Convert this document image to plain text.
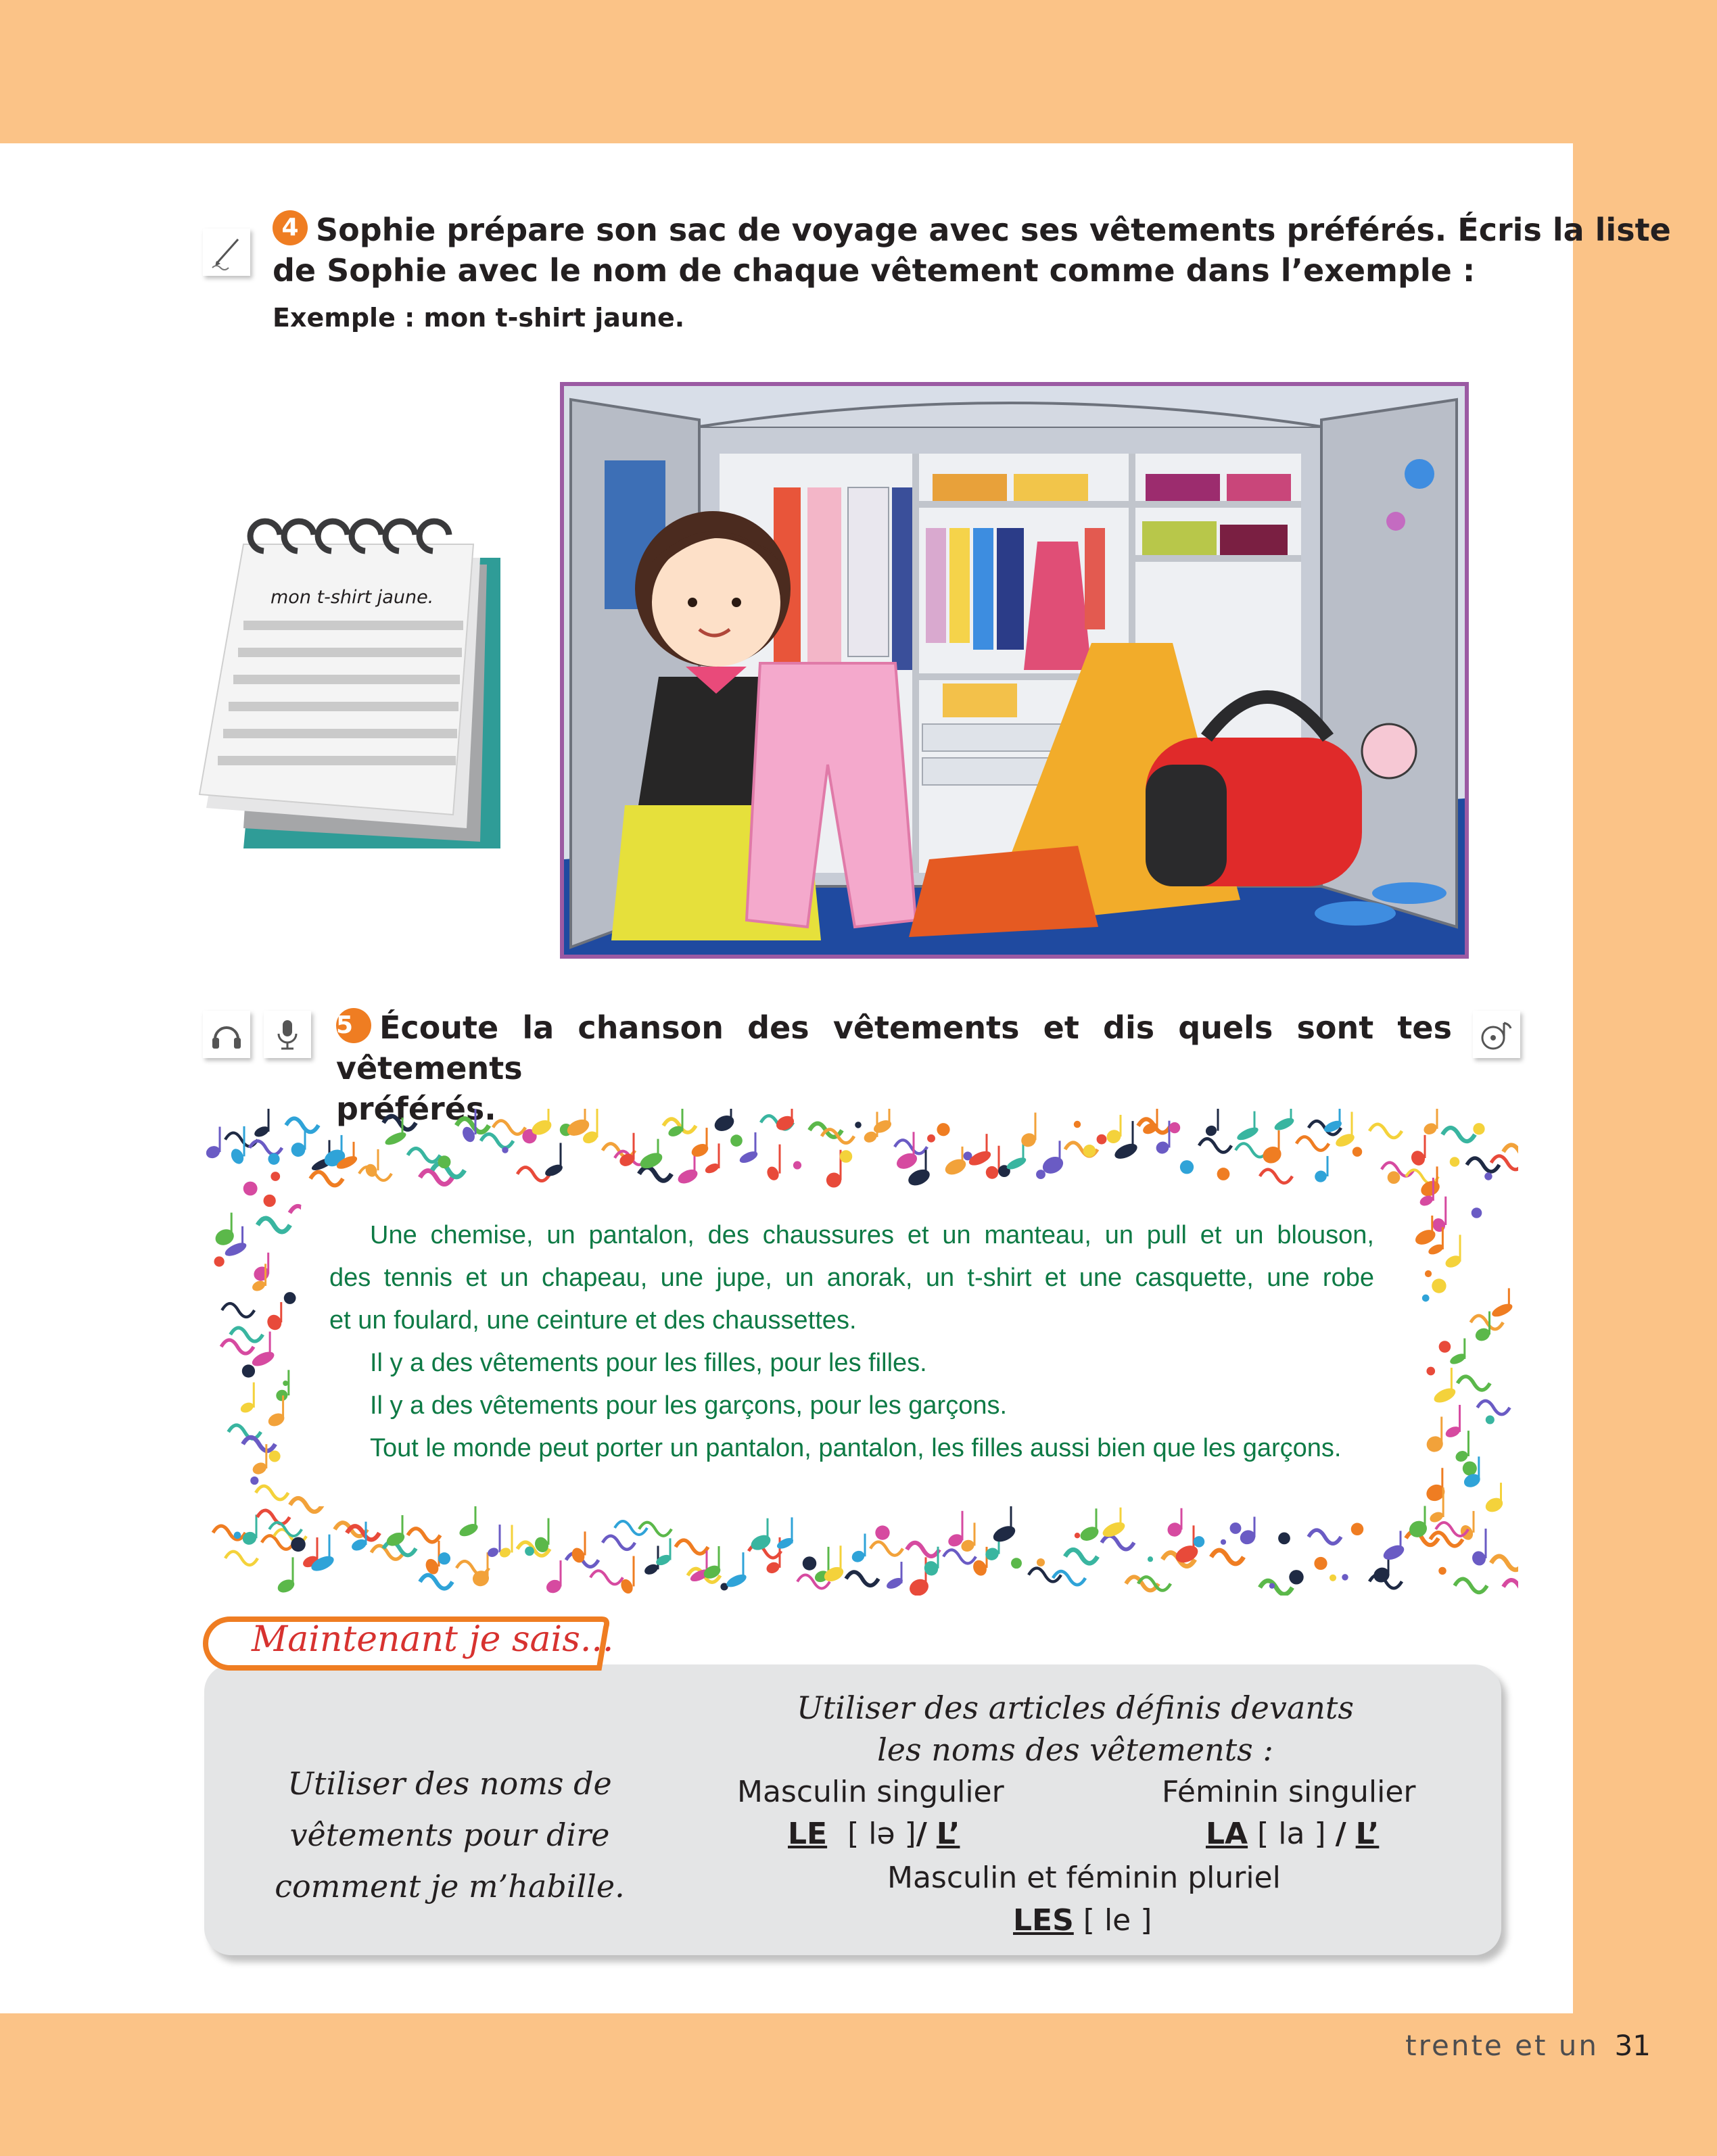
4 Sophie prépare son sac de voyage avec ses vêtements préférés. Écris la liste
de Sophie avec le nom de chaque vêtement comme dans l’exemple :
Exemple : mon t-shirt jaune.
mon t-shirt jaune.
5 Écoute la chanson des vêtements et dis quels sont tes vêtements
préférés.
Une chemise, un pantalon, des chaussures et un manteau, un pull et un blouson,
des tennis et un chapeau, une jupe, un anorak, un t-shirt et une casquette, une robe
et un foulard, une ceinture et des chaussettes.
Il y a des vêtements pour les filles, pour les filles.
Il y a des vêtements pour les garçons, pour les garçons.
Tout le monde peut porter un pantalon, pantalon, les filles aussi bien que les garçons.
Maintenant je sais...
Utiliser des noms de
vêtements pour dire
comment je m’habille.
Utiliser des articles définis devants
les noms des vêtements :
Masculin singulier	Féminin singulier
LE [ lə ]/ L’	LA [ la ] / L’
Masculin et féminin pluriel
LES [ le ]
trente et un 31
